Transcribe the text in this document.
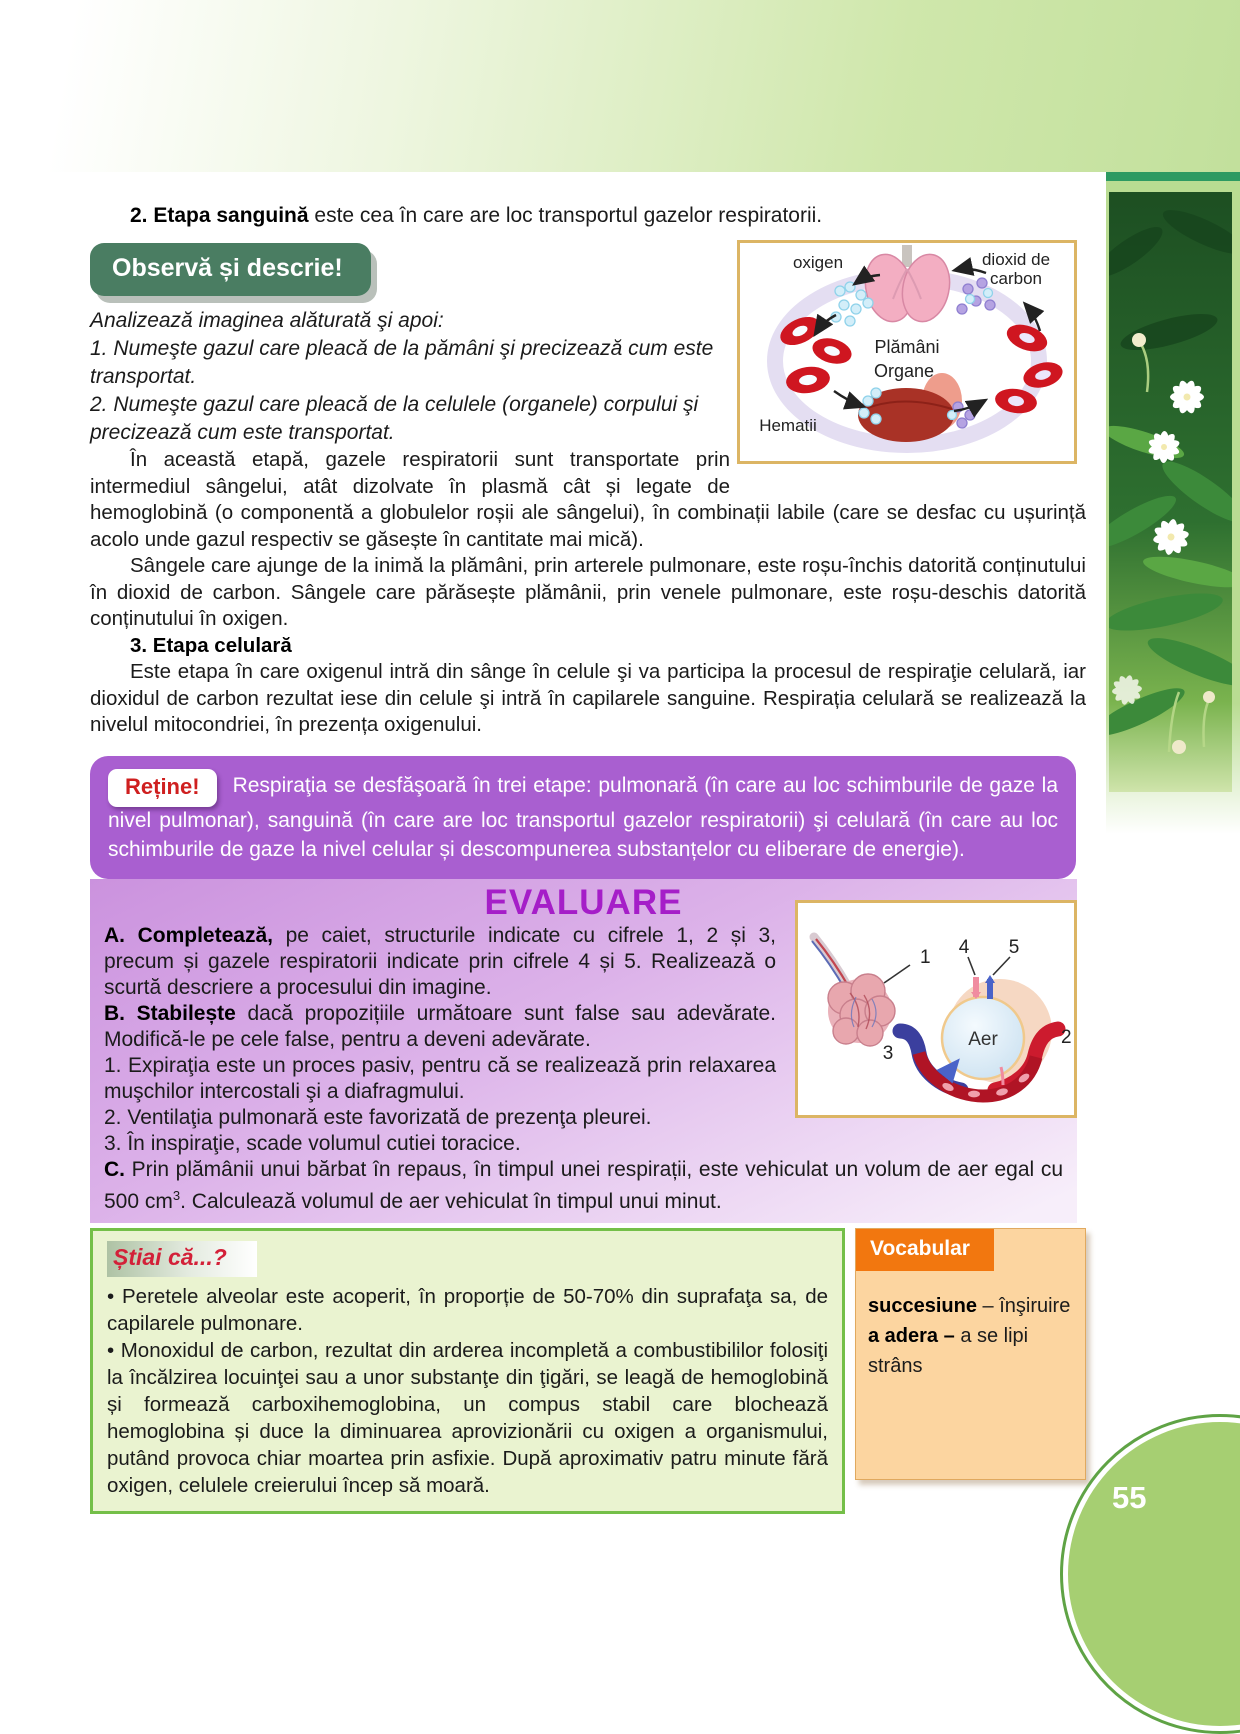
2. Etapa sanguină este cea în care are loc transportul gazelor respiratorii.

Observă și descrie!	oxigen	dioxid de
carbon
Plămâni
Organe
Hematii

Analizează imaginea alăturată şi apoi:

1. Numeşte gazul care pleacă de la pămâni şi precizează cum este transportat.

2. Numeşte gazul care pleacă de la celulele (organele) corpului şi precizează cum este transportat.

În această etapă, gazele respiratorii sunt transportate prin intermediul sângelui, atât dizolvate în plasmă cât și legate de hemoglobină (o componentă a globulelor roșii ale sângelui), în combinații labile (care se desfac cu ușurință acolo unde gazul respectiv se găsește în cantitate mai mică).

Sângele care ajunge de la inimă la plămâni, prin arterele pulmonare, este roșu-închis datorită conținutului în dioxid de carbon. Sângele care părăsește plămânii, prin venele pulmonare, este roșu-deschis datorită conținutului în oxigen.

3. Etapa celulară

Este etapa în care oxigenul intră din sânge în celule şi va participa la procesul de respiraţie celulară, iar dioxidul de carbon rezultat iese din celule şi intră în capilarele sanguine. Respirația celulară se realizează la nivelul mitocondriei, în prezența oxigenului.

Reține! Respiraţia se desfăşoară în trei etape: pulmonară (în care au loc schimburile de gaze la nivel pulmonar), sanguină (în care are loc transportul gazelor respiratorii) şi celulară (în care au loc schimburile de gaze la nivel celular și descompunerea substanțelor cu eliberare de energie).
EVALUARE

A. Completează, pe caiet, structurile indicate cu cifrele 1, 2 și 3, precum și gazele respiratorii indicate prin cifrele 4 și 5. Realizează o scurtă descriere a procesului din imagine.

B. Stabilește dacă propozițiile următoare sunt false sau adevărate. Modifică-le pe cele false, pentru a deveni adevărate.

1. Expiraţia este un proces pasiv, pentru că se realizează prin relaxarea muşchilor intercostali şi a diafragmului.

2. Ventilaţia pulmonară este favorizată de prezenţa pleurei.

3. În inspiraţie, scade volumul cutiei toracice.

C. Prin plămânii unui bărbat în repaus, în timpul unei respirații, este vehiculat un volum de aer egal cu 500 $cm^3$. Calculează volumul de aer vehiculat în timpul unui minut.

1
2
3
4 5
Aer
Știai că...?

• Peretele alveolar este acoperit, în proporție de 50-70% din suprafaţa sa, de capilarele pulmonare.

• Monoxidul de carbon, rezultat din arderea incompletă a combustibililor folosiţi la încălzirea locuinţei sau a unor substanţe din ţigări, se leagă de hemoglobină și formează carboxihemoglobina, un compus stabil care blochează hemoglobina și duce la diminuarea aprovizionării cu oxigen a organismului, putând provoca chiar moartea prin asfixie. După aproximativ patru minute fără oxigen, celulele creierului încep să moară.

Vocabular
succesiune – înşiruire
a adera – a se lipi strâns
55
